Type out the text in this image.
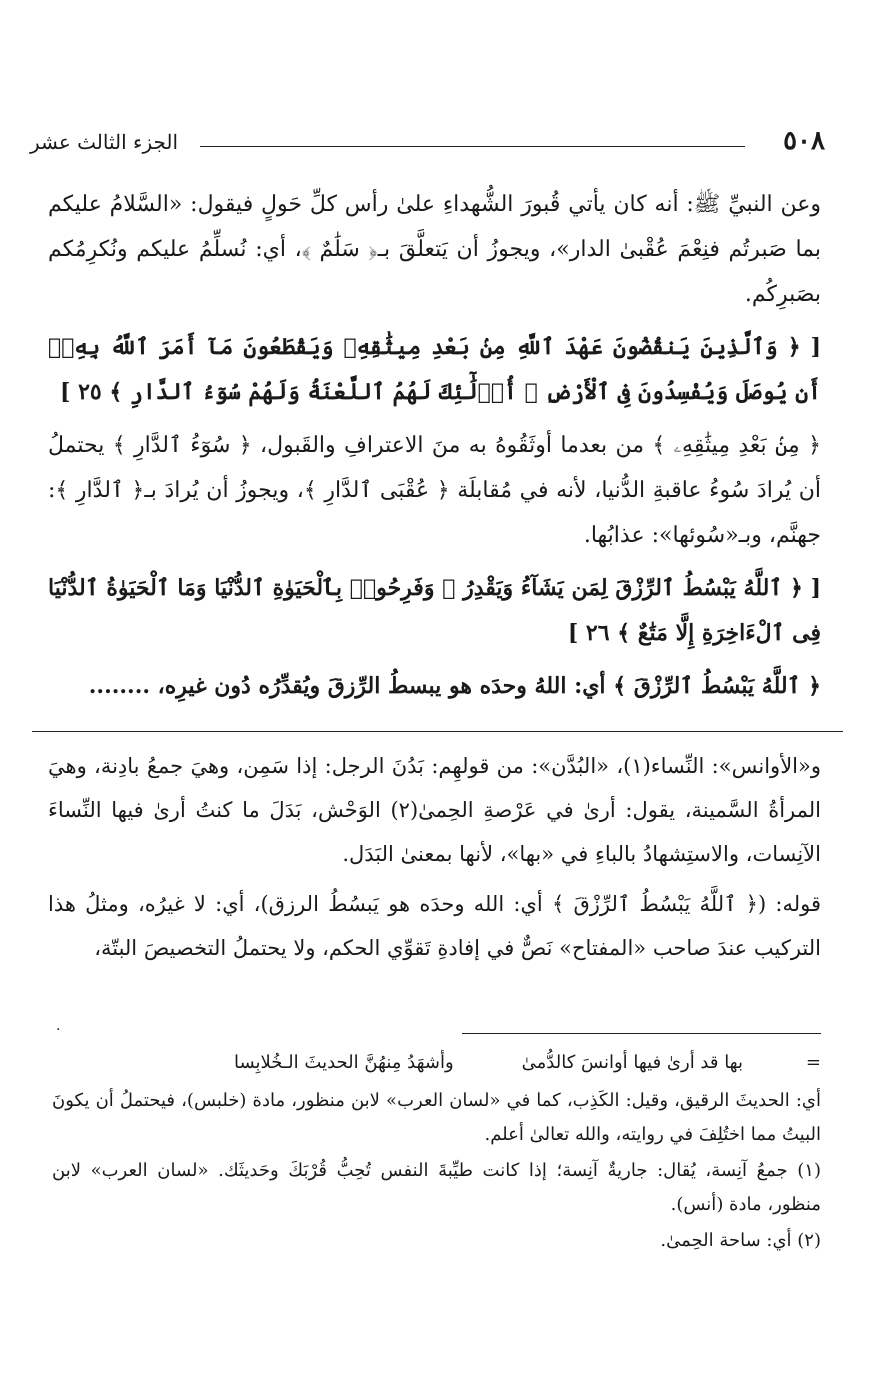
٥٠٨
الجزء الثالث عشر

وعن النبيِّ ﷺ: أنه كان يأتي قُبورَ الشُّهداءِ علىٰ رأس كلِّ حَولٍ فيقول: «السَّلامُ عليكم بما صَبرتُم فنِعْمَ عُقْبىٰ الدار»، ويجوزُ أن يَتعلَّقَ بـ﴿ سَلَٰمٌ ﴾، أي: نُسلِّمُ عليكم ونُكرِمُكم بصَبرِكُم.

[ ﴿ وَٱلَّذِينَ يَنقُضُونَ عَهْدَ ٱللَّهِ مِنۢ بَعْدِ مِيثَٰقِهِۦ وَيَقْطَعُونَ مَآ أَمَرَ ٱللَّهُ بِهِۦٓ أَن يُوصَلَ وَيُفْسِدُونَ فِى ٱلْأَرْضِ ۙ أُو۟لَٰٓئِكَ لَهُمُ ٱللَّعْنَةُ وَلَهُمْ سُوٓءُ ٱلدَّارِ ﴾ ٢٥ ]

﴿ مِنۢ بَعْدِ مِيثَٰقِهِۦ ﴾ من بعدما أوثَقُوهُ به منَ الاعترافِ والقَبول، ﴿ سُوٓءُ ٱلدَّارِ ﴾ يحتملُ أن يُرادَ سُوءُ عاقبةِ الدُّنيا، لأنه في مُقابلَة ﴿ عُقْبَى ٱلدَّارِ ﴾، ويجوزُ أن يُرادَ بـ﴿ ٱلدَّارِ ﴾: جهنَّم، وبـ«سُوئها»: عذابُها.

[ ﴿ ٱللَّهُ يَبْسُطُ ٱلرِّزْقَ لِمَن يَشَآءُ وَيَقْدِرُ ۚ وَفَرِحُوا۟ بِٱلْحَيَوٰةِ ٱلدُّنْيَا وَمَا ٱلْحَيَوٰةُ ٱلدُّنْيَا فِى ٱلْءَاخِرَةِ إِلَّا مَتَٰعٌ ﴾ ٢٦ ]

﴿ ٱللَّهُ يَبْسُطُ ٱلرِّزْقَ ﴾ أي: اللهُ وحدَه هو يبسطُ الرِّزقَ ويُقدِّرُه دُون غيرِه، ........

و«الأوانس»: النِّساء(١)، «البُدَّن»: من قولهِم: بَدُنَ الرجل: إذا سَمِن، وهيَ جمعُ بادِنة، وهيَ المرأةُ السَّمينة، يقول: أرىٰ في عَرْصةِ الحِمىٰ(٢) الوَحْش، بَدَلَ ما كنتُ أرىٰ فيها النِّساءَ الآنِسات، والاستِشهادُ بالباءِ في «بها»، لأنها بمعنىٰ البَدَل.

قوله: (﴿ ٱللَّهُ يَبْسُطُ ٱلرِّزْقَ ﴾ أي: الله وحدَه هو يَبسُطُ الرزق)، أي: لا غيرُه، ومثلُ هذا التركيب عندَ صاحب «المفتاح» نَصٌّ في إفادةِ تَقوِّي الحكم، ولا يحتملُ التخصيصَ البتّة،

.
=
بها قد أرىٰ فيها أوانسَ كالدُّمىٰ
وأشهَدُ مِنهُنَّ الحديثَ الـخُلابِسا

أي: الحديثَ الرقيق، وقيل: الكَذِب، كما في «لسان العرب» لابن منظور، مادة (خلبس)، فيحتملُ أن يكونَ البيتُ مما اختُلِفَ في روايته، والله تعالىٰ أعلم.

(١) جمعُ آنِسة، يُقال: جاريةٌ آنِسة؛ إذا كانت طيِّبةَ النفس تُحِبُّ قُرْبَكَ وحَديثَك. «لسان العرب» لابن منظور، مادة (أنس).

(٢) أي: ساحة الحِمىٰ.
